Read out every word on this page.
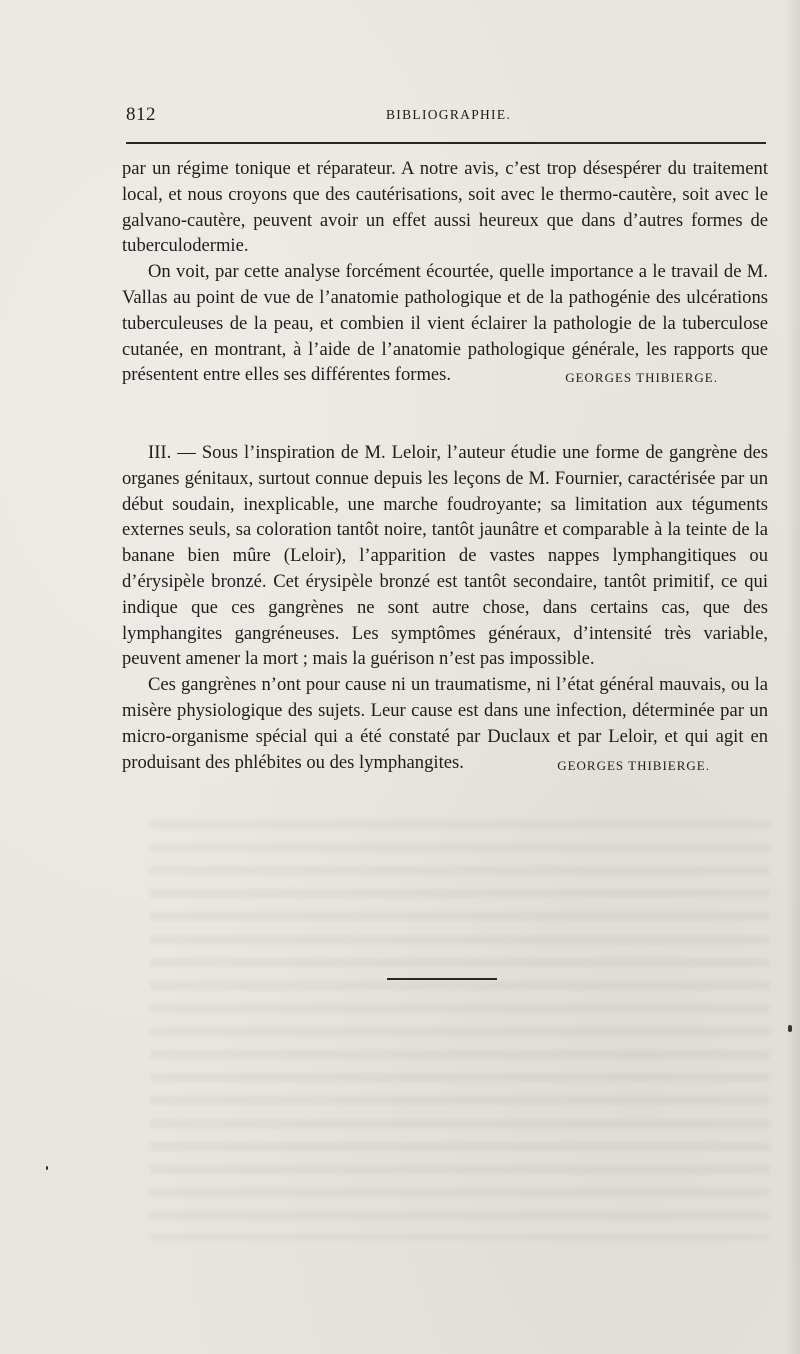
812	BIBLIOGRAPHIE.

par un régime tonique et réparateur. A notre avis, c’est trop désespérer du traitement local, et nous croyons que des cautérisations, soit avec le thermo-cautère, soit avec le galvano-cautère, peuvent avoir un effet aussi heureux que dans d’autres formes de tuberculodermie.

On voit, par cette analyse forcément écourtée, quelle importance a le travail de M. Vallas au point de vue de l’anatomie pathologique et de la pathogénie des ulcérations tuberculeuses de la peau, et combien il vient éclairer la pathologie de la tuberculose cutanée, en montrant, à l’aide de l’anatomie pathologique générale, les rapports que présentent entre elles ses différentes formes.	GEORGES THIBIERGE.

III. — Sous l’inspiration de M. Leloir, l’auteur étudie une forme de gangrène des organes génitaux, surtout connue depuis les leçons de M. Fournier, caractérisée par un début soudain, inexplicable, une marche foudroyante; sa limitation aux téguments externes seuls, sa coloration tantôt noire, tantôt jaunâtre et comparable à la teinte de la banane bien mûre (Leloir), l’apparition de vastes nappes lymphangitiques ou d’érysipèle bronzé. Cet érysipèle bronzé est tantôt secondaire, tantôt primitif, ce qui indique que ces gangrènes ne sont autre chose, dans certains cas, que des lymphangites gangréneuses. Les symptômes généraux, d’intensité très variable, peuvent amener la mort ; mais la guérison n’est pas impossible.

Ces gangrènes n’ont pour cause ni un traumatisme, ni l’état général mauvais, ou la misère physiologique des sujets. Leur cause est dans une infection, déterminée par un micro-organisme spécial qui a été constaté par Duclaux et par Leloir, et qui agit en produisant des phlébites ou des lymphangites.	GEORGES THIBIERGE.
